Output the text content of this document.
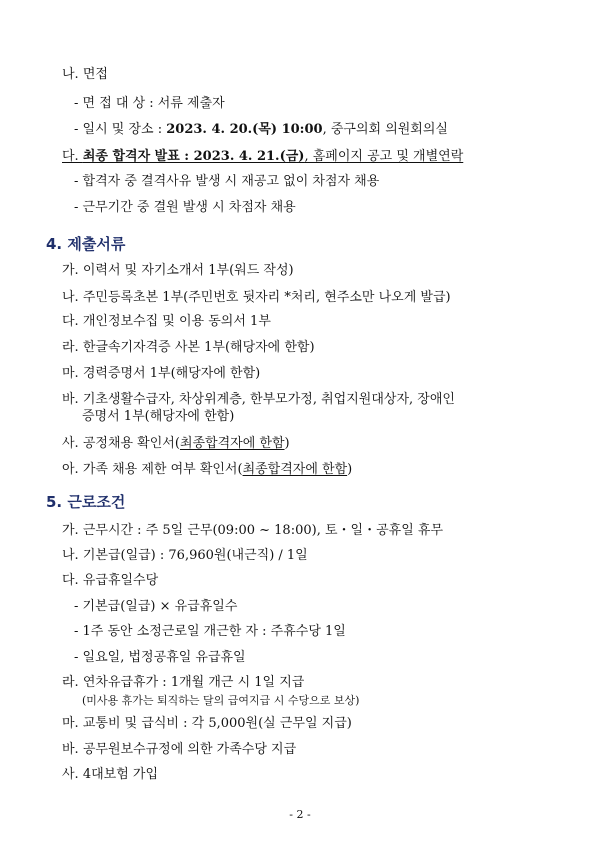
나. 면접
- 면 접 대 상 : 서류 제출자
- 일시 및 장소 : 2023. 4. 20.(목) 10:00, 중구의회 의원회의실
다. 최종 합격자 발표 : 2023. 4. 21.(금), 홈페이지 공고 및 개별연락
- 합격자 중 결격사유 발생 시 재공고 없이 차점자 채용
- 근무기간 중 결원 발생 시 차점자 채용
4. 제출서류
가. 이력서 및 자기소개서 1부(워드 작성)
나. 주민등록초본 1부(주민번호 뒷자리 *처리, 현주소만 나오게 발급)
다. 개인정보수집 및 이용 동의서 1부
라. 한글속기자격증 사본 1부(해당자에 한함)
마. 경력증명서 1부(해당자에 한함)
바. 기초생활수급자, 차상위계층, 한부모가정, 취업지원대상자, 장애인
증명서 1부(해당자에 한함)
사. 공정채용 확인서(최종합격자에 한함)
아. 가족 채용 제한 여부 확인서(최종합격자에 한함)
5. 근로조건
가. 근무시간 : 주 5일 근무(09:00 ~ 18:00), 토・일・공휴일 휴무
나. 기본급(일급) : 76,960원(내근직) / 1일
다. 유급휴일수당
- 기본급(일급) × 유급휴일수
- 1주 동안 소정근로일 개근한 자 : 주휴수당 1일
- 일요일, 법정공휴일 유급휴일
라. 연차유급휴가 : 1개월 개근 시 1일 지급
(미사용 휴가는 퇴직하는 달의 급여지급 시 수당으로 보상)
마. 교통비 및 급식비 : 각 5,000원(실 근무일 지급)
바. 공무원보수규정에 의한 가족수당 지급
사. 4대보험 가입
- 2 -
